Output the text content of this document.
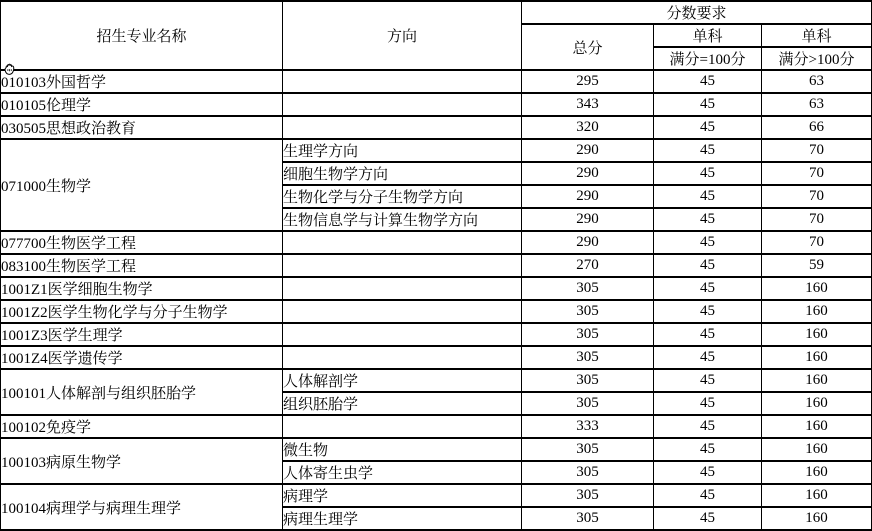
招生专业名称	方向	分数要求		
		总分	单科	单科
			满分=100分	满分>100分
010103外国哲学		295	45	63
010105伦理学		343	45	63
030505思想政治教育		320	45	66
071000生物学	生理学方向	290	45	70
	细胞生物学方向	290	45	70
	生物化学与分子生物学方向	290	45	70
	生物信息学与计算生物学方向	290	45	70
077700生物医学工程		290	45	70
083100生物医学工程		270	45	59
1001Z1医学细胞生物学		305	45	160
1001Z2医学生物化学与分子生物学		305	45	160
1001Z3医学生理学		305	45	160
1001Z4医学遗传学		305	45	160
100101人体解剖与组织胚胎学	人体解剖学	305	45	160
	组织胚胎学	305	45	160
100102免疫学		333	45	160
100103病原生物学	微生物	305	45	160
	人体寄生虫学	305	45	160
100104病理学与病理生理学	病理学	305	45	160
	病理生理学	305	45	160
